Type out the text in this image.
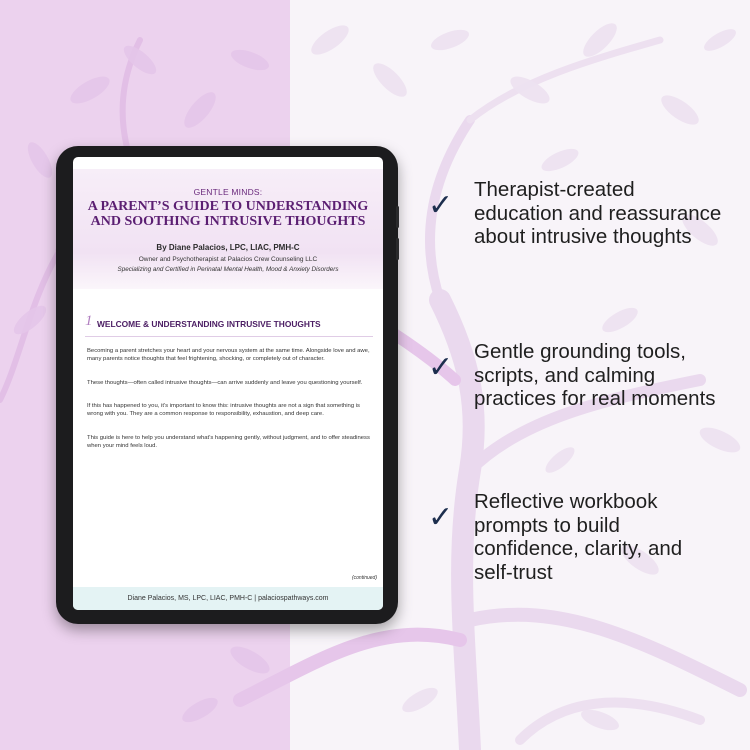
GENTLE MINDS:
A PARENT’S GUIDE TO UNDERSTANDING
AND SOOTHING INTRUSIVE THOUGHTS
By Diane Palacios, LPC, LIAC, PMH-C
Owner and Psychotherapist at Palacios Crew Counseling LLC
Specializing and Certified in Perinatal Mental Health, Mood & Anxiety Disorders
1 WELCOME & UNDERSTANDING INTRUSIVE THOUGHTS
Becoming a parent stretches your heart and your nervous system at the same time. Alongside love and awe, many parents notice thoughts that feel frightening, shocking, or completely out of character.
These thoughts—often called intrusive thoughts—can arrive suddenly and leave you questioning yourself.
If this has happened to you, it’s important to know this: intrusive thoughts are not a sign that something is wrong with you. They are a common response to responsibility, exhaustion, and deep care.
This guide is here to help you understand what’s happening gently, without judgment, and to offer steadiness when your mind feels loud.
(continued)
Diane Palacios, MS, LPC, LIAC, PMH-C | palaciospathways.com
✓ Therapist-created education and reassurance about intrusive thoughts
✓ Gentle grounding tools, scripts, and calming practices for real moments
✓ Reflective workbook prompts to build confidence, clarity, and self-trust
